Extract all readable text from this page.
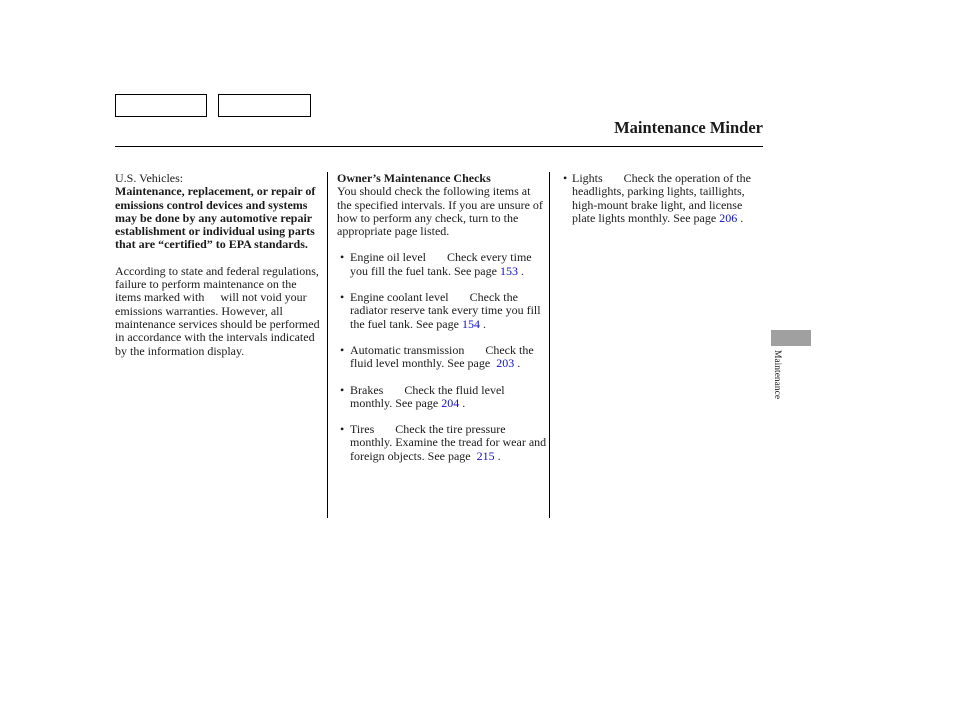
Maintenance Minder

U.S. Vehicles:

Maintenance, replacement, or repair of emissions control devices and systems may be done by any automotive repair establishment or individual using parts that are “certified” to EPA standards.

According to state and federal regulations, failure to perform maintenance on the items marked with will not void your emissions warranties. However, all maintenance services should be performed in accordance with the intervals indicated by the information display.

Owner’s Maintenance Checks

You should check the following items at the specified intervals. If you are unsure of how to perform any check, turn to the appropriate page listed.

• Engine oil level Check every time you fill the fuel tank. See page 153 .
• Engine coolant level Check the radiator reserve tank every time you fill the fuel tank. See page 154 .
• Automatic transmission Check the fluid level monthly. See page 203 .
• Brakes Check the fluid level monthly. See page 204 .
• Tires Check the tire pressure monthly. Examine the tread for wear and foreign objects. See page 215 .
• Lights Check the operation of the headlights, parking lights, taillights, high-mount brake light, and license plate lights monthly. See page 206 .
Maintenance
